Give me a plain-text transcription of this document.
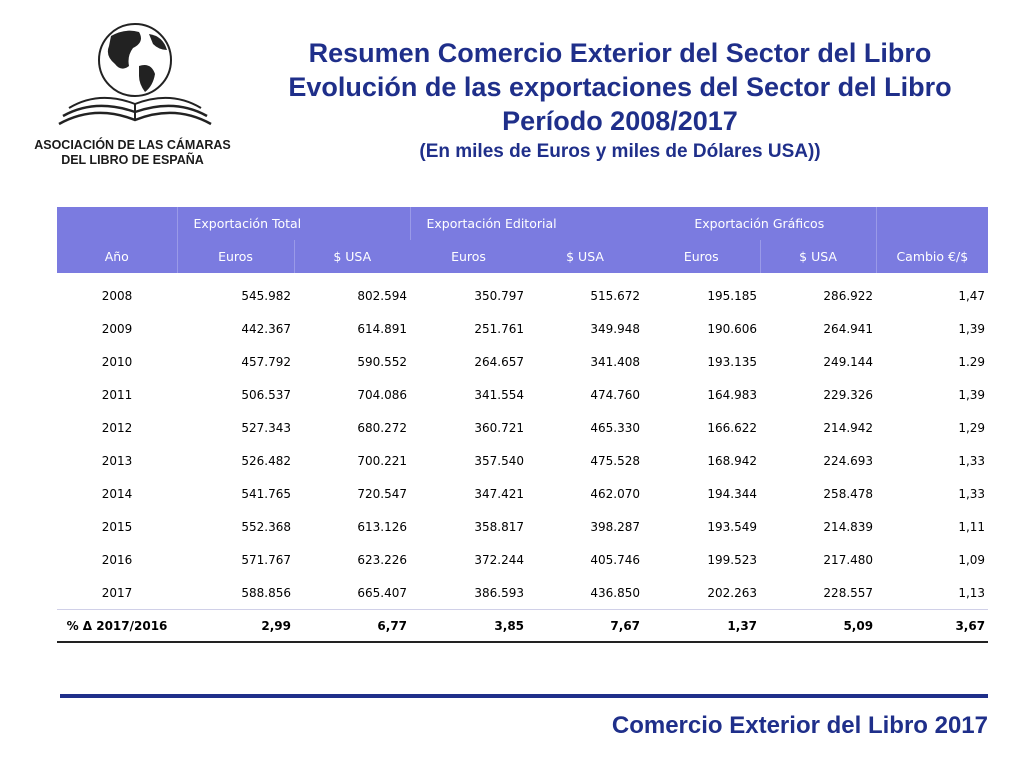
ASOCIACIÓN DE LAS CÁMARAS
DEL LIBRO DE ESPAÑA
Resumen Comercio Exterior del Sector del Libro
Evolución de las exportaciones del Sector del Libro
Período 2008/2017
(En miles de Euros y miles de Dólares USA))
	Exportación Total		Exportación Editorial		Exportación Gráficos		
Año	Euros	$ USA	Euros	$ USA	Euros	$ USA	Cambio €/$
2008	545.982	802.594	350.797	515.672	195.185	286.922	1,47
2009	442.367	614.891	251.761	349.948	190.606	264.941	1,39
2010	457.792	590.552	264.657	341.408	193.135	249.144	1.29
2011	506.537	704.086	341.554	474.760	164.983	229.326	1,39
2012	527.343	680.272	360.721	465.330	166.622	214.942	1,29
2013	526.482	700.221	357.540	475.528	168.942	224.693	1,33
2014	541.765	720.547	347.421	462.070	194.344	258.478	1,33
2015	552.368	613.126	358.817	398.287	193.549	214.839	1,11
2016	571.767	623.226	372.244	405.746	199.523	217.480	1,09
2017	588.856	665.407	386.593	436.850	202.263	228.557	1,13
% Δ 2017/2016	2,99	6,77	3,85	7,67	1,37	5,09	3,67
Comercio Exterior del Libro 2017
